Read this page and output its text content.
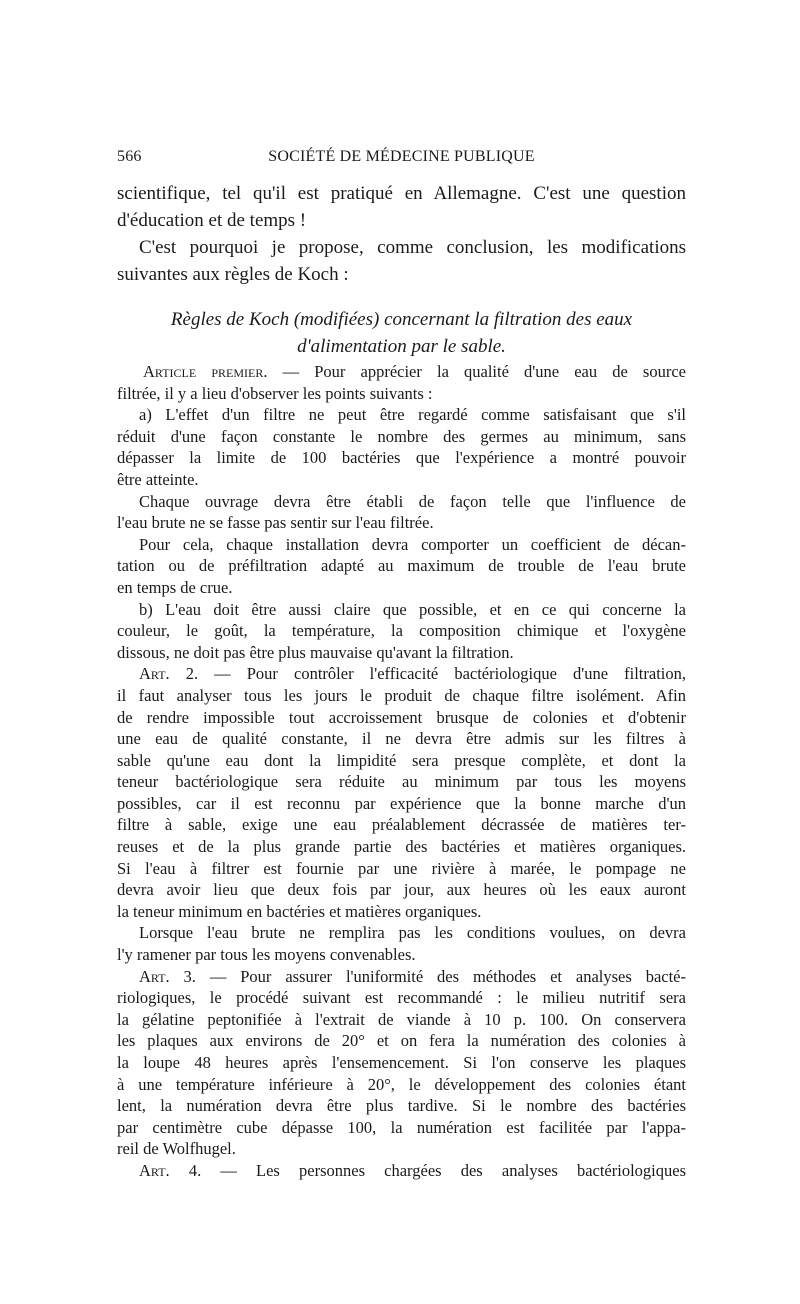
566	SOCIÉTÉ DE MÉDECINE PUBLIQUE
scientifique, tel qu'il est pratiqué en Allemagne. C'est une question
d'éducation et de temps !
C'est pourquoi je propose, comme conclusion, les modifications
suivantes aux règles de Koch :
Règles de Koch (modifiées) concernant la filtration des eaux
d'alimentation par le sable.
Article premier. — Pour apprécier la qualité d'une eau de source
filtrée, il y a lieu d'observer les points suivants :
a) L'effet d'un filtre ne peut être regardé comme satisfaisant que s'il
réduit d'une façon constante le nombre des germes au minimum, sans
dépasser la limite de 100 bactéries que l'expérience a montré pouvoir
être atteinte.
Chaque ouvrage devra être établi de façon telle que l'influence de
l'eau brute ne se fasse pas sentir sur l'eau filtrée.
Pour cela, chaque installation devra comporter un coefficient de décan-
tation ou de préfiltration adapté au maximum de trouble de l'eau brute
en temps de crue.
b) L'eau doit être aussi claire que possible, et en ce qui concerne la
couleur, le goût, la température, la composition chimique et l'oxygène
dissous, ne doit pas être plus mauvaise qu'avant la filtration.
Art. 2. — Pour contrôler l'efficacité bactériologique d'une filtration,
il faut analyser tous les jours le produit de chaque filtre isolément. Afin
de rendre impossible tout accroissement brusque de colonies et d'obtenir
une eau de qualité constante, il ne devra être admis sur les filtres à
sable qu'une eau dont la limpidité sera presque complète, et dont la
teneur bactériologique sera réduite au minimum par tous les moyens
possibles, car il est reconnu par expérience que la bonne marche d'un
filtre à sable, exige une eau préalablement décrassée de matières ter-
reuses et de la plus grande partie des bactéries et matières organiques.
Si l'eau à filtrer est fournie par une rivière à marée, le pompage ne
devra avoir lieu que deux fois par jour, aux heures où les eaux auront
la teneur minimum en bactéries et matières organiques.
Lorsque l'eau brute ne remplira pas les conditions voulues, on devra
l'y ramener par tous les moyens convenables.
Art. 3. — Pour assurer l'uniformité des méthodes et analyses bacté-
riologiques, le procédé suivant est recommandé : le milieu nutritif sera
la gélatine peptonifiée à l'extrait de viande à 10 p. 100. On conservera
les plaques aux environs de 20° et on fera la numération des colonies à
la loupe 48 heures après l'ensemencement. Si l'on conserve les plaques
à une température inférieure à 20°, le développement des colonies étant
lent, la numération devra être plus tardive. Si le nombre des bactéries
par centimètre cube dépasse 100, la numération est facilitée par l'appa-
reil de Wolfhugel.
Art. 4. — Les personnes chargées des analyses bactériologiques
